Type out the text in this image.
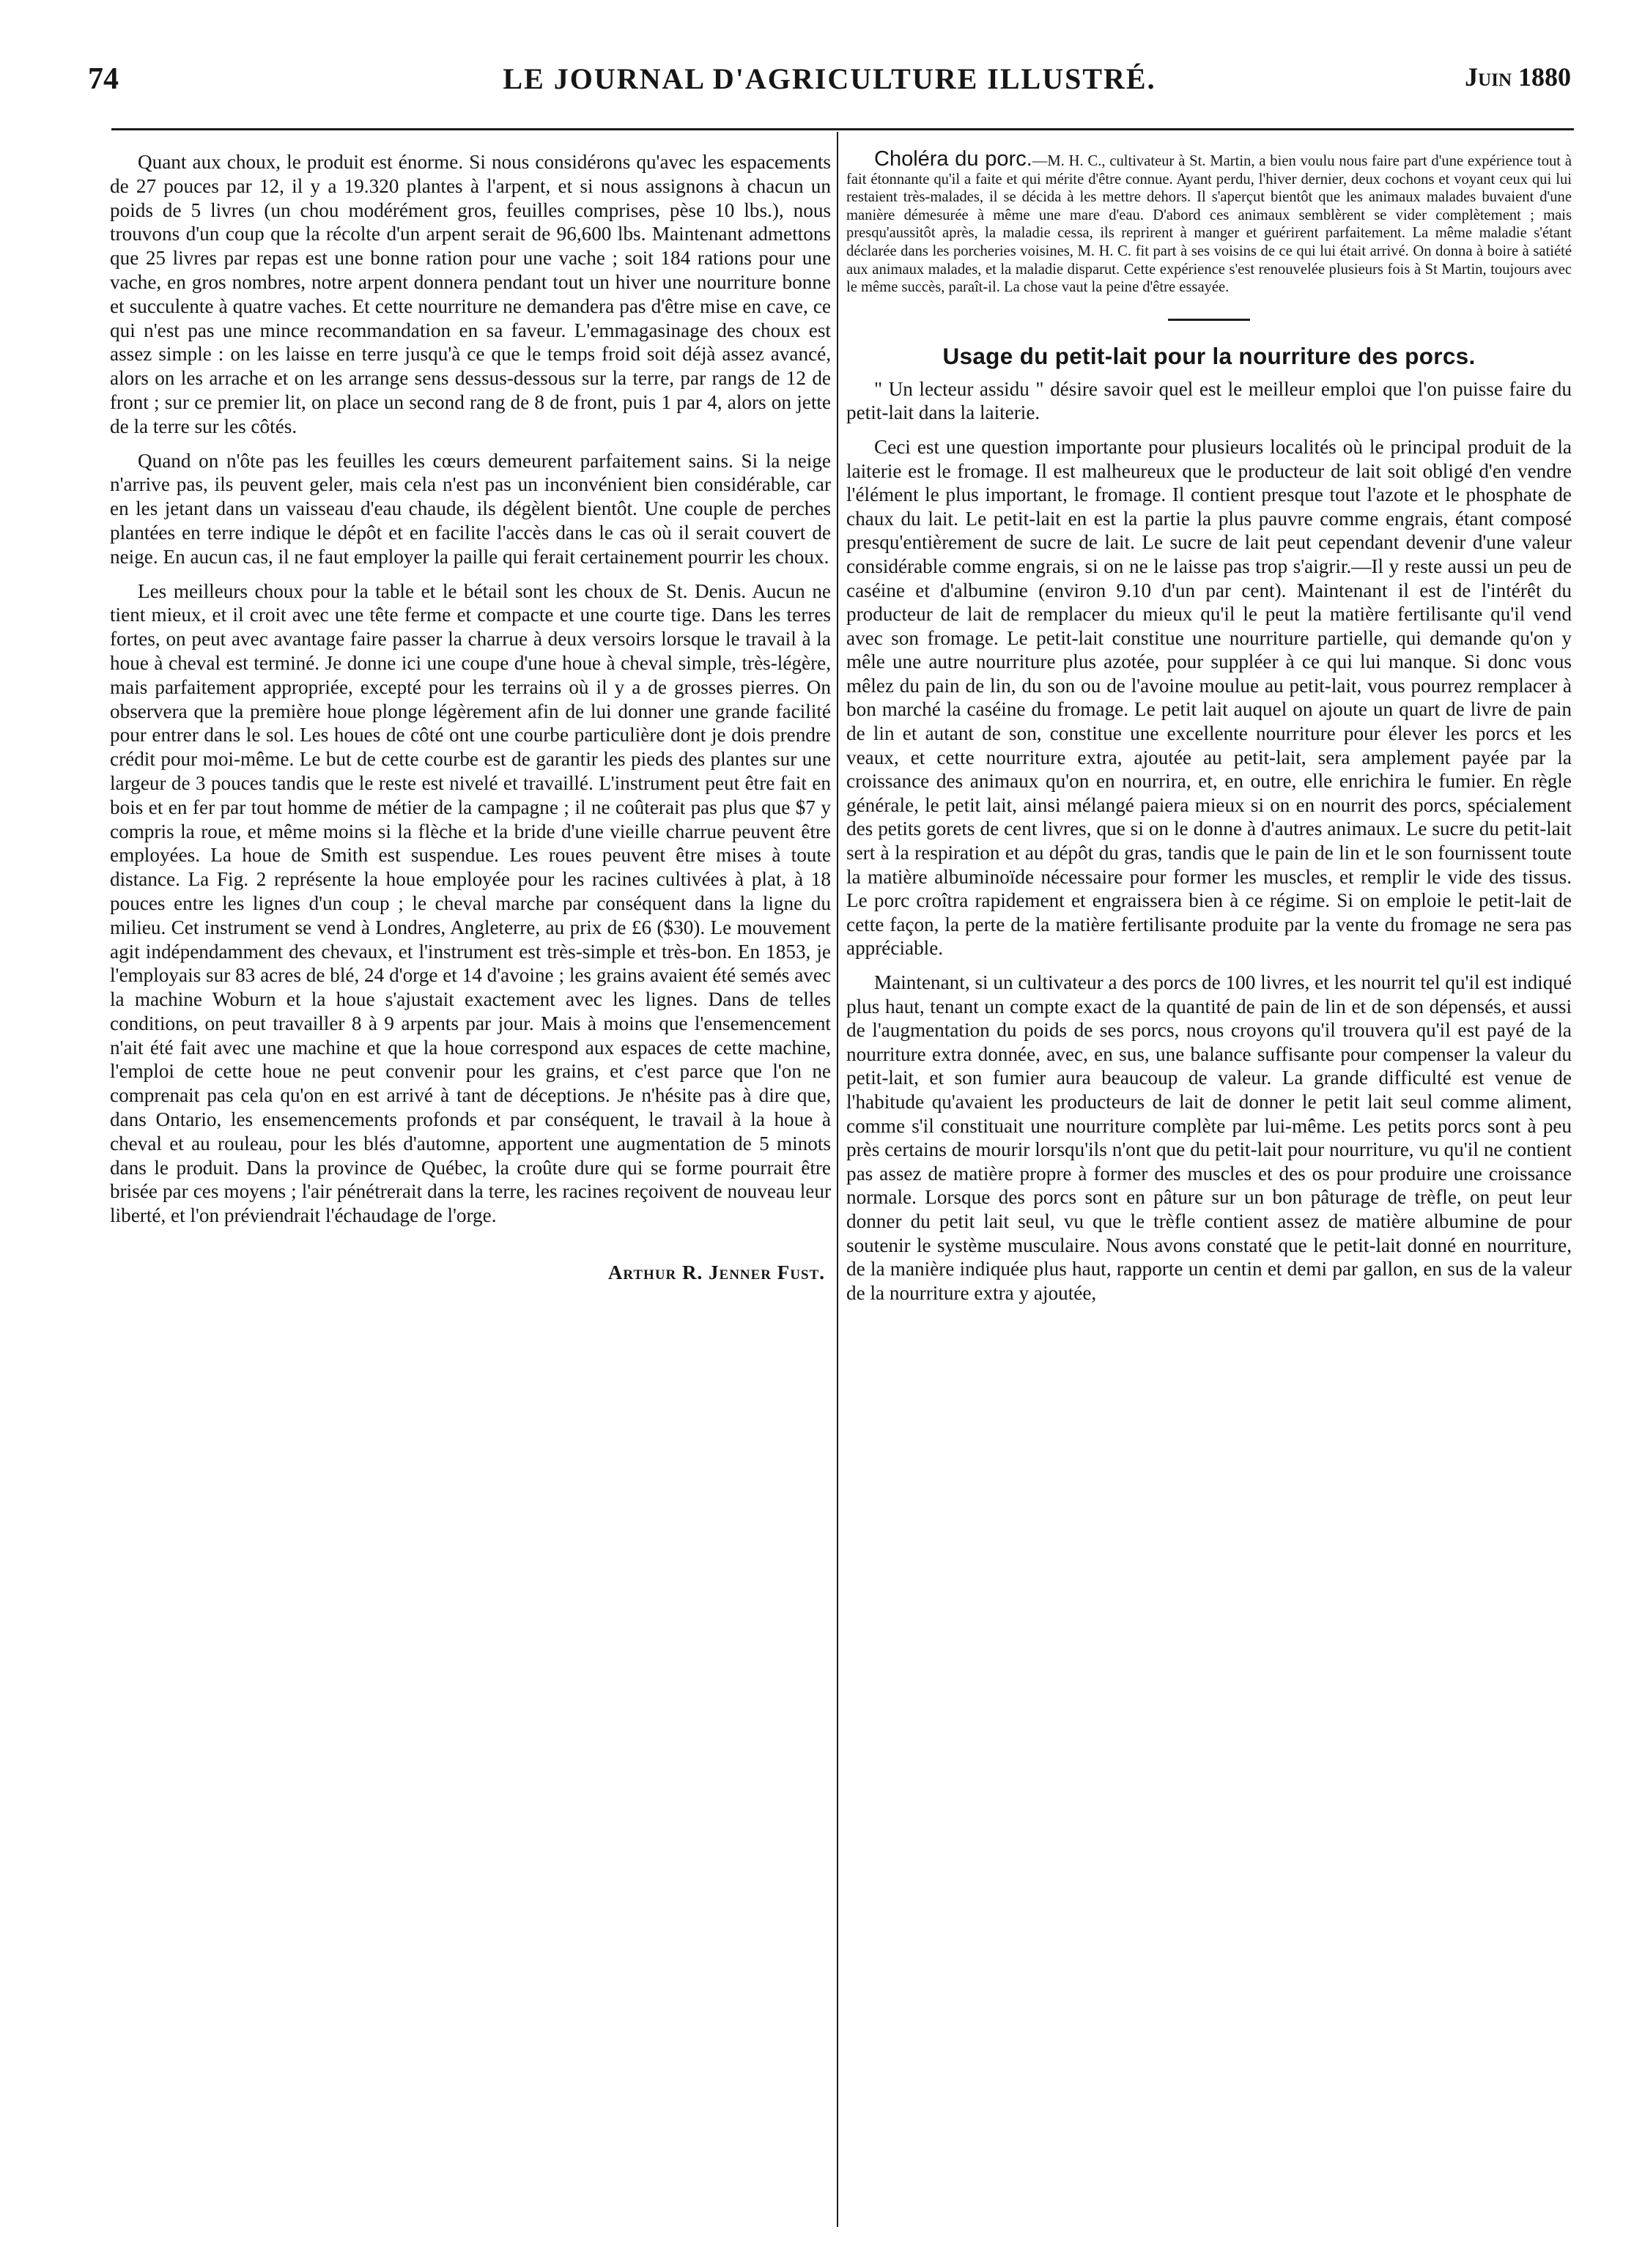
74	LE JOURNAL D'AGRICULTURE ILLUSTRÉ.	Juin 1880

Quant aux choux, le produit est énorme. Si nous considérons qu'avec les espacements de 27 pouces par 12, il y a 19.320 plantes à l'arpent, et si nous assignons à chacun un poids de 5 livres (un chou modérément gros, feuilles comprises, pèse 10 lbs.), nous trouvons d'un coup que la récolte d'un arpent serait de 96,600 lbs. Maintenant admettons que 25 livres par repas est une bonne ration pour une vache ; soit 184 rations pour une vache, en gros nombres, notre arpent donnera pendant tout un hiver une nourriture bonne et succulente à quatre vaches. Et cette nourriture ne demandera pas d'être mise en cave, ce qui n'est pas une mince recommandation en sa faveur. L'emmagasinage des choux est assez simple : on les laisse en terre jusqu'à ce que le temps froid soit déjà assez avancé, alors on les arrache et on les arrange sens dessus-dessous sur la terre, par rangs de 12 de front ; sur ce premier lit, on place un second rang de 8 de front, puis 1 par 4, alors on jette de la terre sur les côtés.

Quand on n'ôte pas les feuilles les cœurs demeurent parfaitement sains. Si la neige n'arrive pas, ils peuvent geler, mais cela n'est pas un inconvénient bien considérable, car en les jetant dans un vaisseau d'eau chaude, ils dégèlent bientôt. Une couple de perches plantées en terre indique le dépôt et en facilite l'accès dans le cas où il serait couvert de neige. En aucun cas, il ne faut employer la paille qui ferait certainement pourrir les choux.

Les meilleurs choux pour la table et le bétail sont les choux de St. Denis. Aucun ne tient mieux, et il croit avec une tête ferme et compacte et une courte tige. Dans les terres fortes, on peut avec avantage faire passer la charrue à deux versoirs lorsque le travail à la houe à cheval est terminé. Je donne ici une coupe d'une houe à cheval simple, très-légère, mais parfaitement appropriée, excepté pour les terrains où il y a de grosses pierres. On observera que la première houe plonge légèrement afin de lui donner une grande facilité pour entrer dans le sol. Les houes de côté ont une courbe particulière dont je dois prendre crédit pour moi-même. Le but de cette courbe est de garantir les pieds des plantes sur une largeur de 3 pouces tandis que le reste est nivelé et travaillé. L'instrument peut être fait en bois et en fer par tout homme de métier de la campagne ; il ne coûterait pas plus que $7 y compris la roue, et même moins si la flèche et la bride d'une vieille charrue peuvent être employées. La houe de Smith est suspendue. Les roues peuvent être mises à toute distance. La Fig. 2 représente la houe employée pour les racines cultivées à plat, à 18 pouces entre les lignes d'un coup ; le cheval marche par conséquent dans la ligne du milieu. Cet instrument se vend à Londres, Angleterre, au prix de £6 ($30). Le mouvement agit indépendamment des chevaux, et l'instrument est très-simple et très-bon. En 1853, je l'employais sur 83 acres de blé, 24 d'orge et 14 d'avoine ; les grains avaient été semés avec la machine Woburn et la houe s'ajustait exactement avec les lignes. Dans de telles conditions, on peut travailler 8 à 9 arpents par jour. Mais à moins que l'ensemencement n'ait été fait avec une machine et que la houe correspond aux espaces de cette machine, l'emploi de cette houe ne peut convenir pour les grains, et c'est parce que l'on ne comprenait pas cela qu'on en est arrivé à tant de déceptions. Je n'hésite pas à dire que, dans Ontario, les ensemencements profonds et par conséquent, le travail à la houe à cheval et au rouleau, pour les blés d'automne, apportent une augmentation de 5 minots dans le produit. Dans la province de Québec, la croûte dure qui se forme pourrait être brisée par ces moyens ; l'air pénétrerait dans la terre, les racines reçoivent de nouveau leur liberté, et l'on préviendrait l'échaudage de l'orge.

Arthur R. Jenner Fust.

Choléra du porc.—M. H. C., cultivateur à St. Martin, a bien voulu nous faire part d'une expérience tout à fait étonnante qu'il a faite et qui mérite d'être connue. Ayant perdu, l'hiver dernier, deux cochons et voyant ceux qui lui restaient très-malades, il se décida à les mettre dehors. Il s'aperçut bientôt que les animaux malades buvaient d'une manière démesurée à même une mare d'eau. D'abord ces animaux semblèrent se vider complètement ; mais presqu'aussitôt après, la maladie cessa, ils reprirent à manger et guérirent parfaitement. La même maladie s'étant déclarée dans les porcheries voisines, M. H. C. fit part à ses voisins de ce qui lui était arrivé. On donna à boire à satiété aux animaux malades, et la maladie disparut. Cette expérience s'est renouvelée plusieurs fois à St Martin, toujours avec le même succès, paraît-il. La chose vaut la peine d'être essayée.

Usage du petit-lait pour la nourriture des porcs.

" Un lecteur assidu " désire savoir quel est le meilleur emploi que l'on puisse faire du petit-lait dans la laiterie.

Ceci est une question importante pour plusieurs localités où le principal produit de la laiterie est le fromage. Il est malheureux que le producteur de lait soit obligé d'en vendre l'élément le plus important, le fromage. Il contient presque tout l'azote et le phosphate de chaux du lait. Le petit-lait en est la partie la plus pauvre comme engrais, étant composé presqu'entièrement de sucre de lait. Le sucre de lait peut cependant devenir d'une valeur considérable comme engrais, si on ne le laisse pas trop s'aigrir.—Il y reste aussi un peu de caséine et d'albumine (environ 9.10 d'un par cent). Maintenant il est de l'intérêt du producteur de lait de remplacer du mieux qu'il le peut la matière fertilisante qu'il vend avec son fromage. Le petit-lait constitue une nourriture partielle, qui demande qu'on y mêle une autre nourriture plus azotée, pour suppléer à ce qui lui manque. Si donc vous mêlez du pain de lin, du son ou de l'avoine moulue au petit-lait, vous pourrez remplacer à bon marché la caséine du fromage. Le petit lait auquel on ajoute un quart de livre de pain de lin et autant de son, constitue une excellente nourriture pour élever les porcs et les veaux, et cette nourriture extra, ajoutée au petit-lait, sera amplement payée par la croissance des animaux qu'on en nourrira, et, en outre, elle enrichira le fumier. En règle générale, le petit lait, ainsi mélangé paiera mieux si on en nourrit des porcs, spécialement des petits gorets de cent livres, que si on le donne à d'autres animaux. Le sucre du petit-lait sert à la respiration et au dépôt du gras, tandis que le pain de lin et le son fournissent toute la matière albuminoïde nécessaire pour former les muscles, et remplir le vide des tissus. Le porc croîtra rapidement et engraissera bien à ce régime. Si on emploie le petit-lait de cette façon, la perte de la matière fertilisante produite par la vente du fromage ne sera pas appréciable.

Maintenant, si un cultivateur a des porcs de 100 livres, et les nourrit tel qu'il est indiqué plus haut, tenant un compte exact de la quantité de pain de lin et de son dépensés, et aussi de l'augmentation du poids de ses porcs, nous croyons qu'il trouvera qu'il est payé de la nourriture extra donnée, avec, en sus, une balance suffisante pour compenser la valeur du petit-lait, et son fumier aura beaucoup de valeur. La grande difficulté est venue de l'habitude qu'avaient les producteurs de lait de donner le petit lait seul comme aliment, comme s'il constituait une nourriture complète par lui-même. Les petits porcs sont à peu près certains de mourir lorsqu'ils n'ont que du petit-lait pour nourriture, vu qu'il ne contient pas assez de matière propre à former des muscles et des os pour produire une croissance normale. Lorsque des porcs sont en pâture sur un bon pâturage de trèfle, on peut leur donner du petit lait seul, vu que le trèfle contient assez de matière albumine de pour soutenir le système musculaire. Nous avons constaté que le petit-lait donné en nourriture, de la manière indiquée plus haut, rapporte un centin et demi par gallon, en sus de la valeur de la nourriture extra y ajoutée,
